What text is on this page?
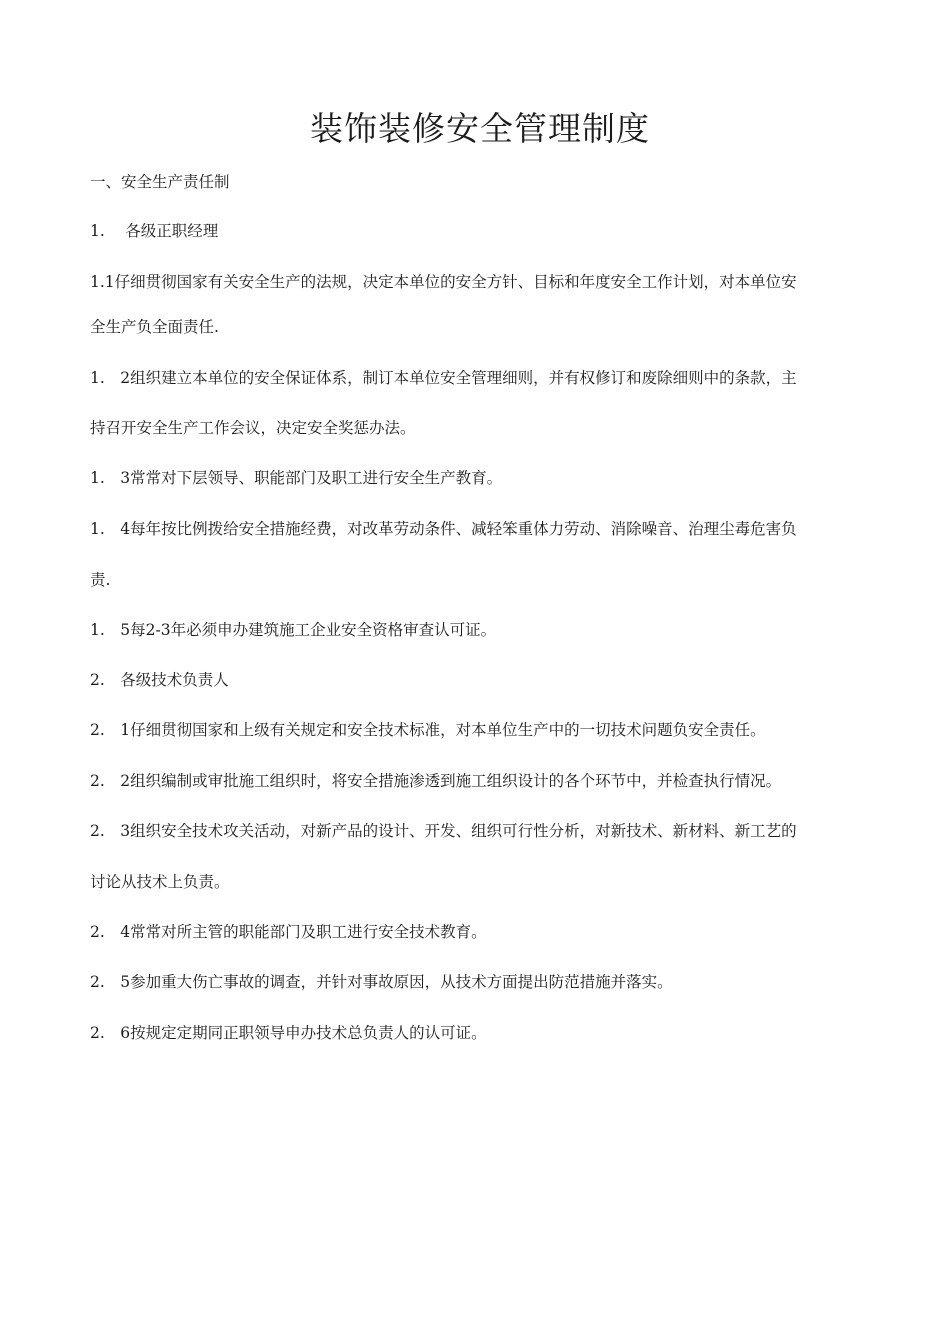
装饰装修安全管理制度

一、安全生产责任制

1.　 各级正职经理

1.1仔细贯彻国家有关安全生产的法规，决定本单位的安全方针、目标和年度安全工作计划，对本单位安

全生产负全面责任.

1.　2组织建立本单位的安全保证体系，制订本单位安全管理细则，并有权修订和废除细则中的条款，主

持召开安全生产工作会议，决定安全奖惩办法。

1.　3常常对下层领导、职能部门及职工进行安全生产教育。

1.　4每年按比例拨给安全措施经费，对改革劳动条件、减轻笨重体力劳动、消除噪音、治理尘毒危害负

责.

1.　5每2-3年必须申办建筑施工企业安全资格审查认可证。

2.　各级技术负责人

2.　1仔细贯彻国家和上级有关规定和安全技术标准，对本单位生产中的一切技术问题负安全责任。

2.　2组织编制或审批施工组织时，将安全措施渗透到施工组织设计的各个环节中，并检查执行情况。

2.　3组织安全技术攻关活动，对新产品的设计、开发、组织可行性分析，对新技术、新材料、新工艺的

讨论从技术上负责。

2.　4常常对所主管的职能部门及职工进行安全技术教育。

2.　5参加重大伤亡事故的调查，并针对事故原因，从技术方面提出防范措施并落实。

2.　6按规定定期同正职领导申办技术总负责人的认可证。
